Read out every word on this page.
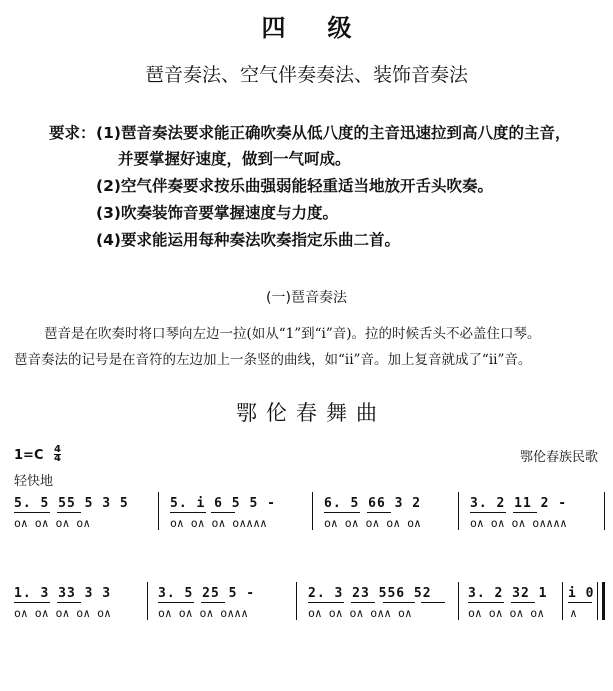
四级
琶音奏法、空气伴奏奏法、装饰音奏法
要求： (1)琶音奏法要求能正确吹奏从低八度的主音迅速拉到高八度的主音，
并要掌握好速度，做到一气呵成。
(2)空气伴奏要求按乐曲强弱能轻重适当地放开舌头吹奏。
(3)吹奏装饰音要掌握速度与力度。
(4)要求能运用每种奏法吹奏指定乐曲二首。
(一)琶音奏法
琶音是在吹奏时将口琴向左边一拉(如从“1”到“i”音)。拉的时候舌头不必盖住口琴。
琶音奏法的记号是在音符的左边加上一条竖的曲线，如“ⅰi”音。加上复音就成了“ⅰi”音。
鄂伦春舞曲
1=C 4
4
轻快地
鄂伦春族民歌
5. 5 55 5 3 5
o∧ o∧ o∧ o∧
5. i 6 5 5 -
o∧ o∧ o∧ o∧∧∧∧
6. 5 66 3 2
o∧ o∧ o∧ o∧ o∧
3. 2 11 2 -
o∧ o∧ o∧ o∧∧∧∧
1. 3 33 3 3
o∧ o∧ o∧ o∧ o∧
3. 5 25 5 -
o∧ o∧ o∧ o∧∧∧
2. 3 23 556 52
o∧ o∧ o∧ o∧∧ o∧
3. 2 32 1
o∧ o∧ o∧ o∧
i 0
∧
